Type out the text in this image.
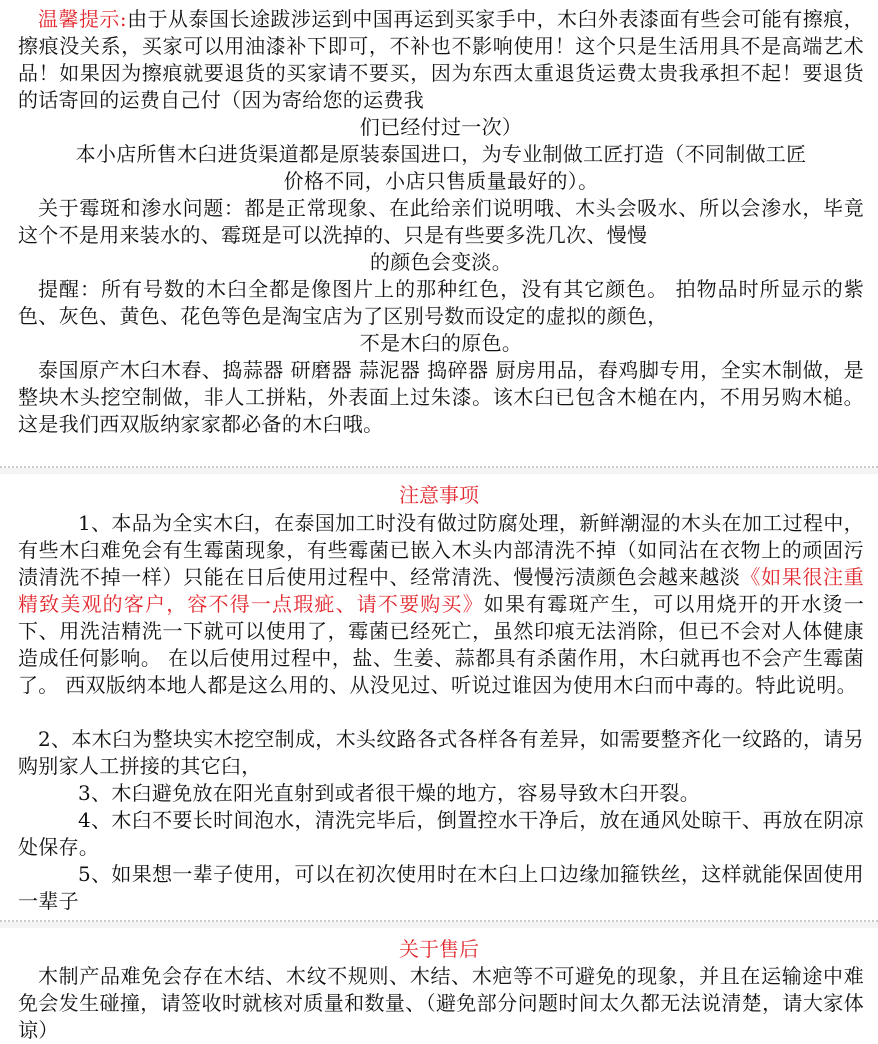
温馨提示:由于从泰国长途跋涉运到中国再运到买家手中，木臼外表漆面有些会可能有擦痕，擦痕没关系，买家可以用油漆补下即可，不补也不影响使用！这个只是生活用具不是高端艺术品！如果因为擦痕就要退货的买家请不要买，因为东西太重退货运费太贵我承担不起！要退货的话寄回的运费自己付（因为寄给您的运费我

们已经付过一次）

本小店所售木臼进货渠道都是原装泰国进口，为专业制做工匠打造（不同制做工匠

价格不同，小店只售质量最好的）。

关于霉斑和渗水问题：都是正常现象、在此给亲们说明哦、木头会吸水、所以会渗水，毕竟这个不是用来装水的、霉斑是可以洗掉的、只是有些要多洗几次、慢慢

的颜色会变淡。

提醒：所有号数的木臼全都是像图片上的那种红色，没有其它颜色。 拍物品时所显示的紫色、灰色、黄色、花色等色是淘宝店为了区别号数而设定的虚拟的颜色，

不是木臼的原色。

泰国原产木臼木舂、捣蒜器 研磨器 蒜泥器 捣碎器 厨房用品，舂鸡脚专用，全实木制做，是整块木头挖空制做，非人工拼粘，外表面上过朱漆。该木臼已包含木槌在内，不用另购木槌。这是我们西双版纳家家都必备的木臼哦。

注意事项

1、本品为全实木臼，在泰国加工时没有做过防腐处理，新鲜潮湿的木头在加工过程中，有些木臼难免会有生霉菌现象，有些霉菌已嵌入木头内部清洗不掉（如同沾在衣物上的顽固污渍清洗不掉一样）只能在日后使用过程中、经常清洗、慢慢污渍颜色会越来越淡《如果很注重精致美观的客户，容不得一点瑕疵、请不要购买》如果有霉斑产生，可以用烧开的开水烫一下、用洗洁精洗一下就可以使用了，霉菌已经死亡，虽然印痕无法消除，但已不会对人体健康造成任何影响。 在以后使用过程中，盐、生姜、蒜都具有杀菌作用，木臼就再也不会产生霉菌了。 西双版纳本地人都是这么用的、从没见过、听说过谁因为使用木臼而中毒的。特此说明。

2、本木臼为整块实木挖空制成，木头纹路各式各样各有差异，如需要整齐化一纹路的，请另购别家人工拼接的其它臼，

3、木臼避免放在阳光直射到或者很干燥的地方，容易导致木臼开裂。

4、木臼不要长时间泡水，清洗完毕后，倒置控水干净后，放在通风处晾干、再放在阴凉处保存。

5、如果想一辈子使用，可以在初次使用时在木臼上口边缘加箍铁丝，这样就能保固使用一辈子

关于售后

木制产品难免会存在木结、木纹不规则、木结、木疤等不可避免的现象，并且在运输途中难免会发生碰撞，请签收时就核对质量和数量、（避免部分问题时间太久都无法说清楚，请大家体谅）
